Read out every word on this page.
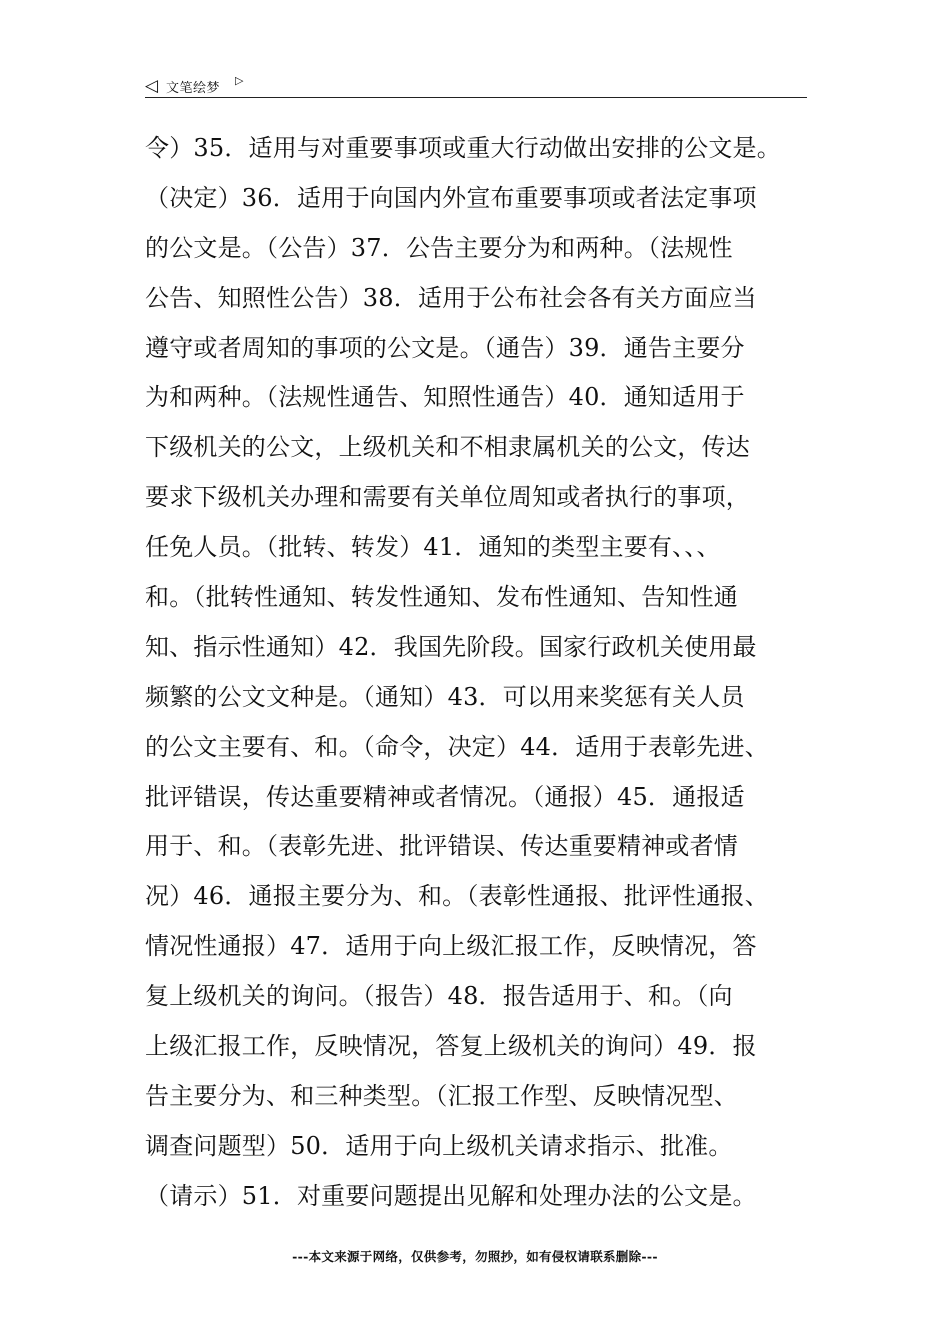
◁ 文笔绘梦
▷
令）35．适用与对重要事项或重大行动做出安排的公文是。
（决定）36．适用于向国内外宣布重要事项或者法定事项
的公文是。（公告）37．公告主要分为和两种。（法规性
公告、知照性公告）38．适用于公布社会各有关方面应当
遵守或者周知的事项的公文是。（通告）39．通告主要分
为和两种。（法规性通告、知照性通告）40．通知适用于
下级机关的公文，上级机关和不相隶属机关的公文，传达
要求下级机关办理和需要有关单位周知或者执行的事项，
任免人员。（批转、转发）41．通知的类型主要有、、、
和。（批转性通知、转发性通知、发布性通知、告知性通
知、指示性通知）42．我国先阶段。国家行政机关使用最
频繁的公文文种是。（通知）43．可以用来奖惩有关人员
的公文主要有、和。（命令，决定）44．适用于表彰先进、
批评错误，传达重要精神或者情况。（通报）45．通报适
用于、和。（表彰先进、批评错误、传达重要精神或者情
况）46．通报主要分为、和。（表彰性通报、批评性通报、
情况性通报）47．适用于向上级汇报工作，反映情况，答
复上级机关的询问。（报告）48．报告适用于、和。（向
上级汇报工作，反映情况，答复上级机关的询问）49．报
告主要分为、和三种类型。（汇报工作型、反映情况型、
调查问题型）50．适用于向上级机关请求指示、批准。
（请示）51．对重要问题提出见解和处理办法的公文是。
---本文来源于网络，仅供参考，勿照抄，如有侵权请联系删除---
